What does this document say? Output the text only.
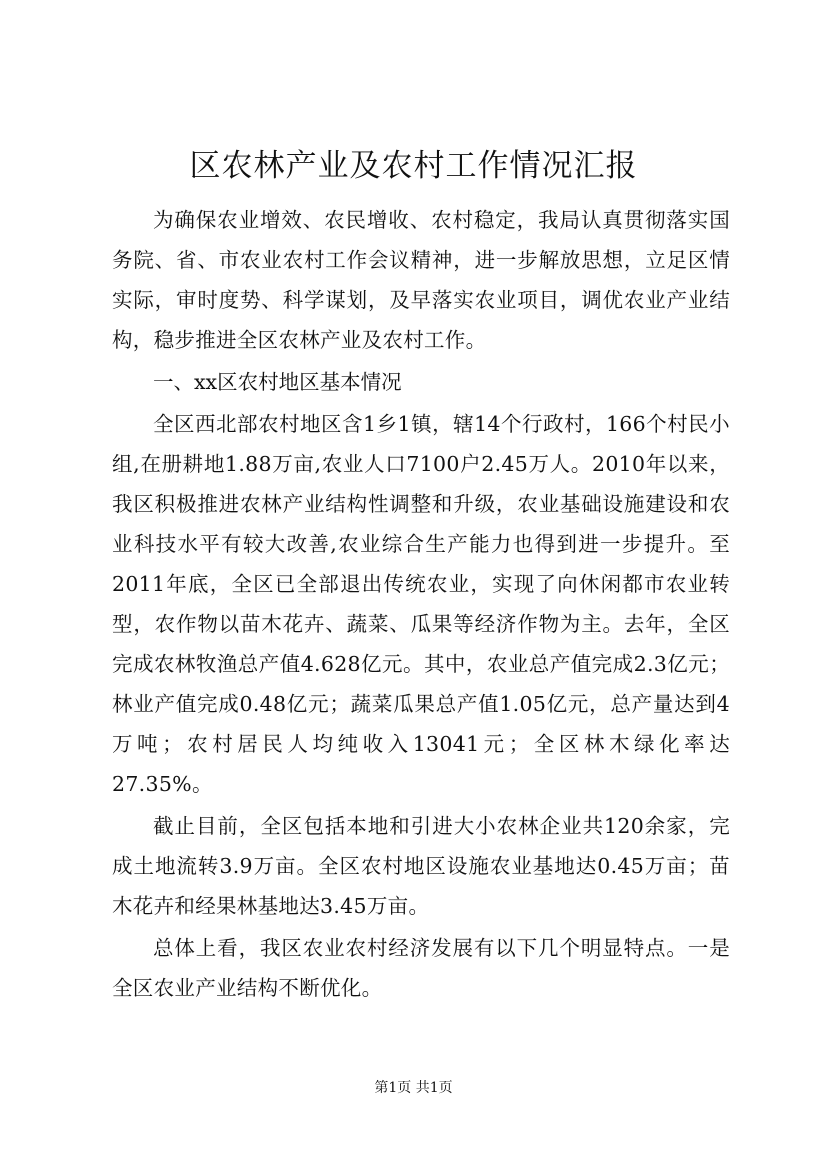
区农林产业及农村工作情况汇报

为确保农业增效、农民增收、农村稳定，我局认真贯彻落实国务院、省、市农业农村工作会议精神，进一步解放思想，立足区情实际，审时度势、科学谋划，及早落实农业项目，调优农业产业结构，稳步推进全区农林产业及农村工作。

一、xx区农村地区基本情况

全区西北部农村地区含1乡1镇，辖14个行政村，166个村民小组,在册耕地1.88万亩,农业人口7100户2.45万人。2010年以来，我区积极推进农林产业结构性调整和升级，农业基础设施建设和农业科技水平有较大改善,农业综合生产能力也得到进一步提升。至2011年底，全区已全部退出传统农业，实现了向休闲都市农业转型，农作物以苗木花卉、蔬菜、瓜果等经济作物为主。去年，全区完成农林牧渔总产值4.628亿元。其中，农业总产值完成2.3亿元；林业产值完成0.48亿元；蔬菜瓜果总产值1.05亿元，总产量达到4万吨；农村居民人均纯收入13041元；全区林木绿化率达27.35%。

截止目前，全区包括本地和引进大小农林企业共120余家，完成土地流转3.9万亩。全区农村地区设施农业基地达0.45万亩；苗木花卉和经果林基地达3.45万亩。

总体上看，我区农业农村经济发展有以下几个明显特点。一是全区农业产业结构不断优化。

第1页 共1页
